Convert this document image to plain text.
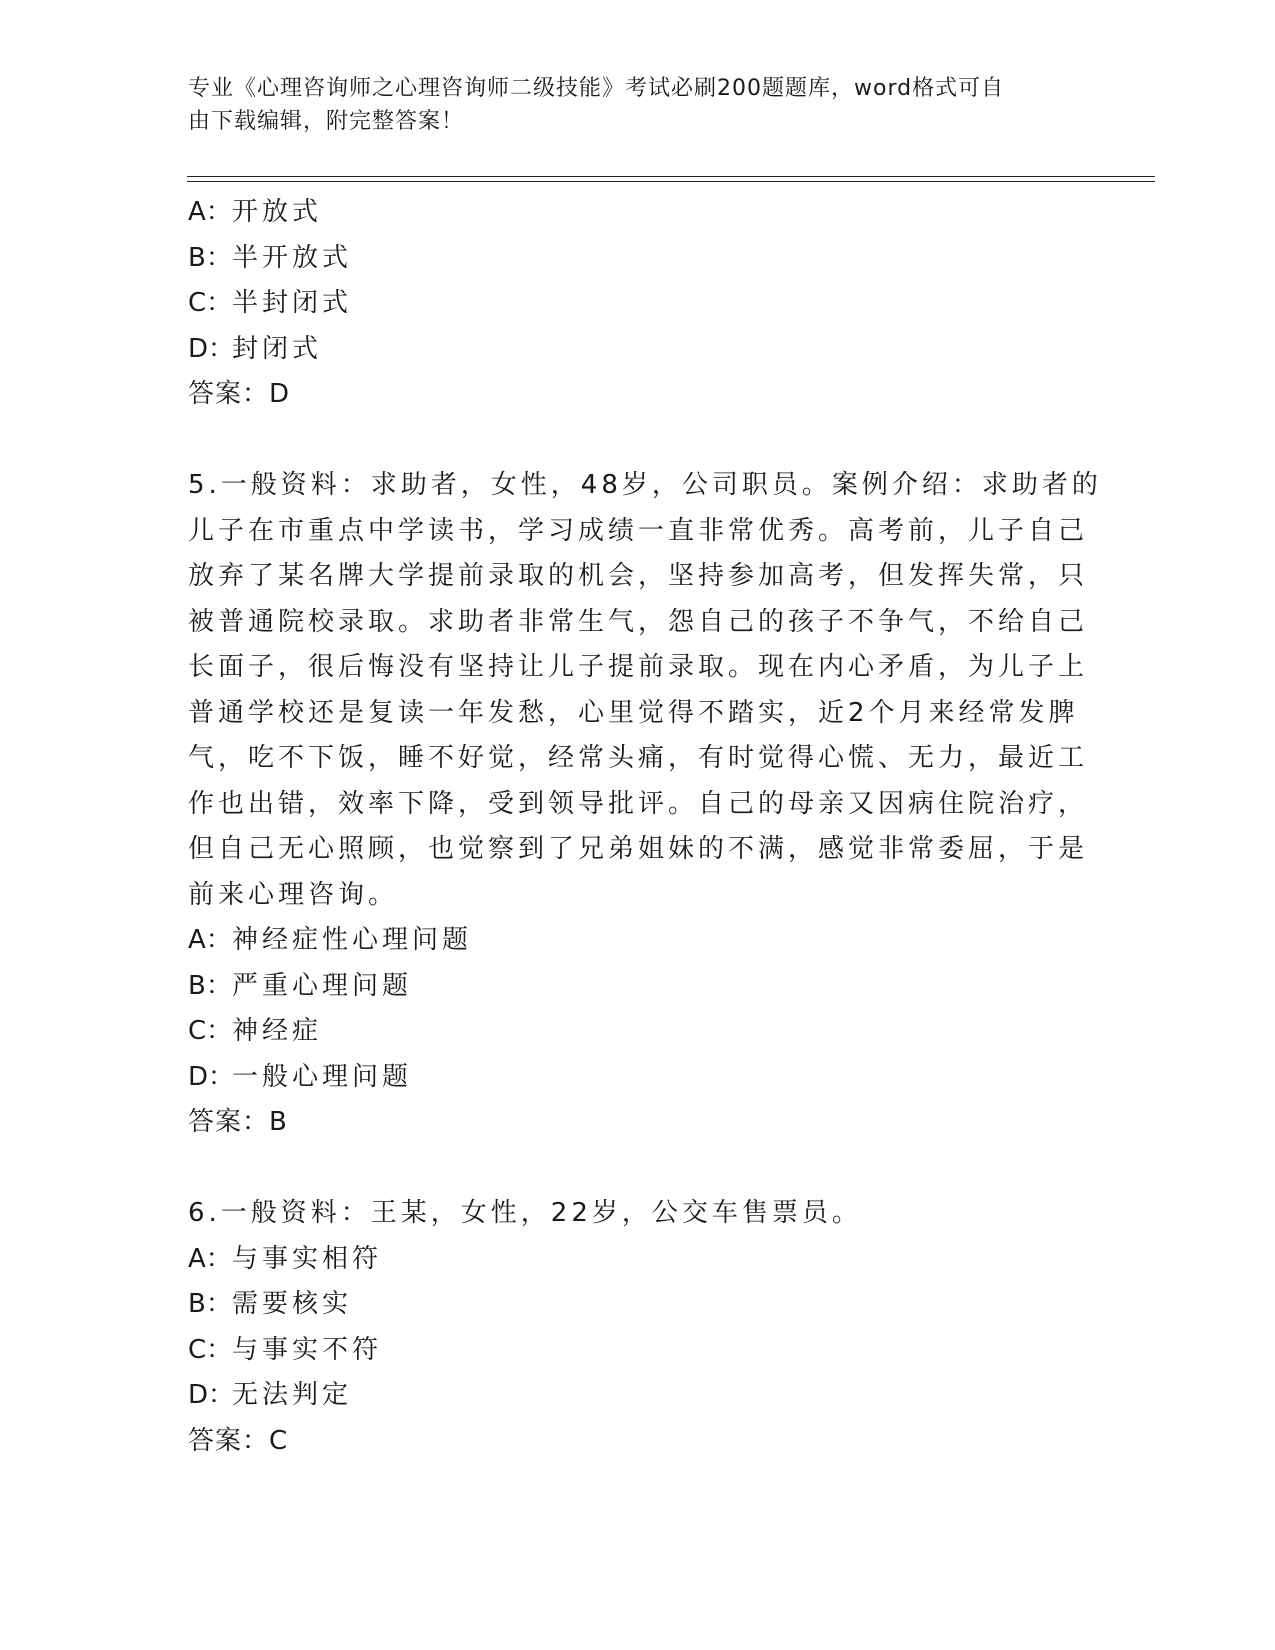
专业《心理咨询师之心理咨询师二级技能》考试必刷200题题库，word格式可自
由下载编辑，附完整答案！
A：开放式
B：半开放式
C：半封闭式
D：封闭式
答案：D
5.一般资料：求助者，女性，48岁，公司职员。案例介绍：求助者的
儿子在市重点中学读书，学习成绩一直非常优秀。高考前，儿子自己
放弃了某名牌大学提前录取的机会，坚持参加高考，但发挥失常，只
被普通院校录取。求助者非常生气，怨自己的孩子不争气，不给自己
长面子，很后悔没有坚持让儿子提前录取。现在内心矛盾，为儿子上
普通学校还是复读一年发愁，心里觉得不踏实，近2个月来经常发脾
气，吃不下饭，睡不好觉，经常头痛，有时觉得心慌、无力，最近工
作也出错，效率下降，受到领导批评。自己的母亲又因病住院治疗，
但自己无心照顾，也觉察到了兄弟姐妹的不满，感觉非常委屈，于是
前来心理咨询。
A：神经症性心理问题
B：严重心理问题
C：神经症
D：一般心理问题
答案：B
6.一般资料：王某，女性，22岁，公交车售票员。
A：与事实相符
B：需要核实
C：与事实不符
D：无法判定
答案：C
